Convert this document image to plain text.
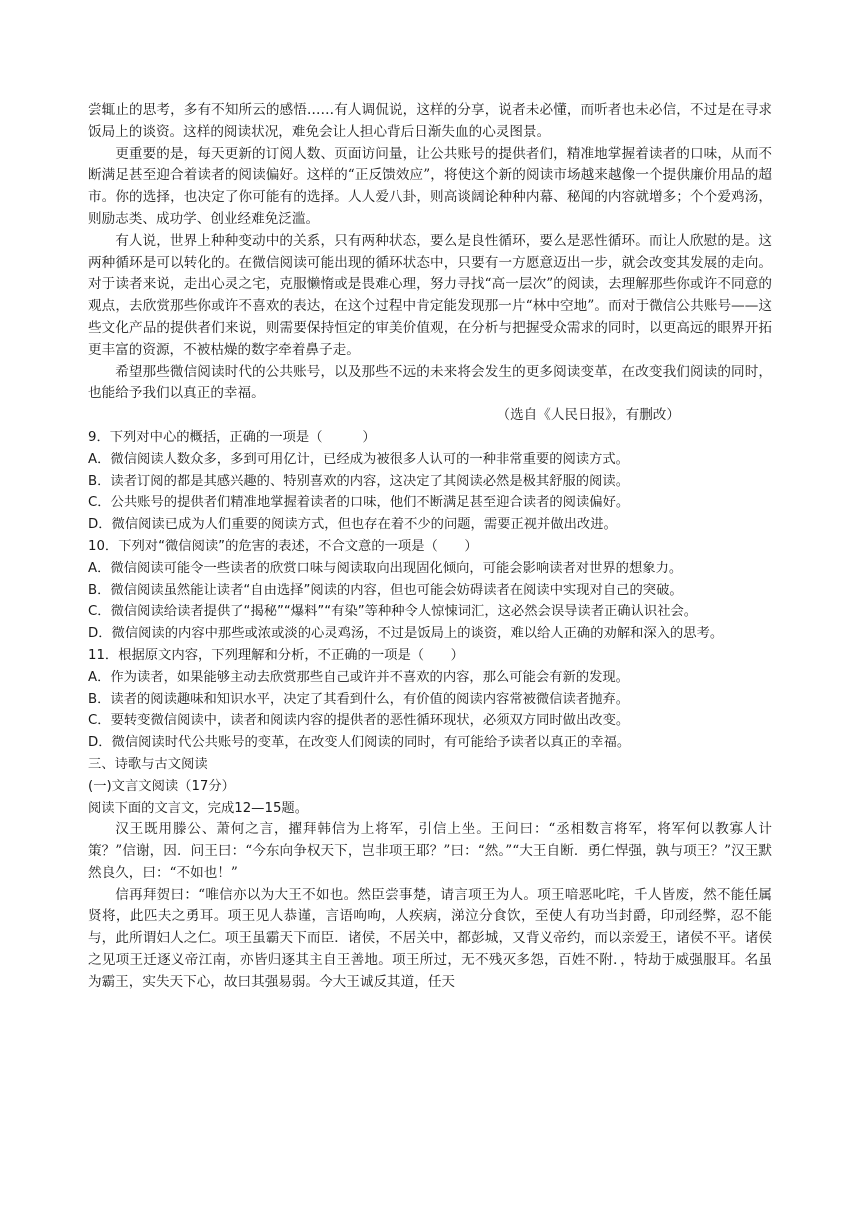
尝辄止的思考，多有不知所云的感悟……有人调侃说，这样的分享，说者未必懂，而听者也未必信，不过是在寻求饭局上的谈资。这样的阅读状况，难免会让人担心背后日渐失血的心灵图景。

更重要的是，每天更新的订阅人数、页面访问量，让公共账号的提供者们，精准地掌握着读者的口味，从而不断满足甚至迎合着读者的阅读偏好。这样的“正反馈效应”，将使这个新的阅读市场越来越像一个提供廉价用品的超市。你的选择，也决定了你可能有的选择。人人爱八卦，则高谈阔论种种内幕、秘闻的内容就增多；个个爱鸡汤，则励志类、成功学、创业经难免泛滥。

有人说，世界上种种变动中的关系，只有两种状态，要么是良性循环，要么是恶性循环。而让人欣慰的是。这两种循环是可以转化的。在微信阅读可能出现的循环状态中，只要有一方愿意迈出一步，就会改变其发展的走向。对于读者来说，走出心灵之宅，克服懒惰或是畏难心理，努力寻找“高一层次”的阅读，去理解那些你或许不同意的观点，去欣赏那些你或许不喜欢的表达，在这个过程中肯定能发现那一片“林中空地”。而对于微信公共账号——这些文化产品的提供者们来说，则需要保持恒定的审美价值观，在分析与把握受众需求的同时，以更高远的眼界开拓更丰富的资源，不被枯燥的数字牵着鼻子走。

希望那些微信阅读时代的公共账号，以及那些不远的未来将会发生的更多阅读变革，在改变我们阅读的同时，也能给予我们以真正的幸福。

（选自《人民日报》，有删改）

9．下列对中心的概括，正确的一项是（　　　）

A．微信阅读人数众多，多到可用亿计，已经成为被很多人认可的一种非常重要的阅读方式。

B．读者订阅的都是其感兴趣的、特别喜欢的内容，这决定了其阅读必然是极其舒服的阅读。

C．公共账号的提供者们精准地掌握着读者的口味，他们不断满足甚至迎合读者的阅读偏好。

D．微信阅读已成为人们重要的阅读方式，但也存在着不少的问题，需要正视并做出改进。

10．下列对“微信阅读”的危害的表述，不合文意的一项是（　　）

A．微信阅读可能令一些读者的欣赏口味与阅读取向出现固化倾向，可能会影响读者对世界的想象力。

B．微信阅读虽然能让读者“自由选择”阅读的内容，但也可能会妨碍读者在阅读中实现对自己的突破。

C．微信阅读给读者提供了“揭秘”“爆料”“有染”等种种令人惊悚词汇，这必然会误导读者正确认识社会。

D．微信阅读的内容中那些或浓或淡的心灵鸡汤，不过是饭局上的谈资，难以给人正确的劝解和深入的思考。

11．根据原文内容，下列理解和分析，不正确的一项是（　　）

A．作为读者，如果能够主动去欣赏那些自己或许并不喜欢的内容，那么可能会有新的发现。

B．读者的阅读趣味和知识水平，决定了其看到什么，有价值的阅读内容常被微信读者抛弃。

C．要转变微信阅读中，读者和阅读内容的提供者的恶性循环现状，必须双方同时做出改变。

D．微信阅读时代公共账号的变革，在改变人们阅读的同时，有可能给予读者以真正的幸福。

三、诗歌与古文阅读

(一)文言文阅读（17分）

阅读下面的文言文，完成12—15题。

汉王既用滕公、萧何之言，擢拜韩信为上将军，引信上坐。王问曰：“丞相数言将军，将军何以教寡人计策？”信谢，因．问王曰：“今东向争权天下，岂非项王耶？”曰：“然。”“大王自断．勇仁悍强，孰与项王？”汉王默然良久，曰：“不如也！”

信再拜贺曰：“唯信亦以为大王不如也。然臣尝事楚，请言项王为人。项王喑恶叱咤，千人皆废，然不能任属贤将，此匹夫之勇耳。项王见人恭谨，言语呴呴，人疾病，涕泣分食饮，至使人有功当封爵，印刓经弊，忍不能与，此所谓妇人之仁。项王虽霸天下而臣．诸侯，不居关中，都彭城，又背义帝约，而以亲爱王，诸侯不平。诸侯之见项王迁逐义帝江南，亦皆归逐其主自王善地。项王所过，无不残灭多怨，百姓不附．，特劫于威强服耳。名虽为霸王，实失天下心，故曰其强易弱。今大王诚反其道，任天
